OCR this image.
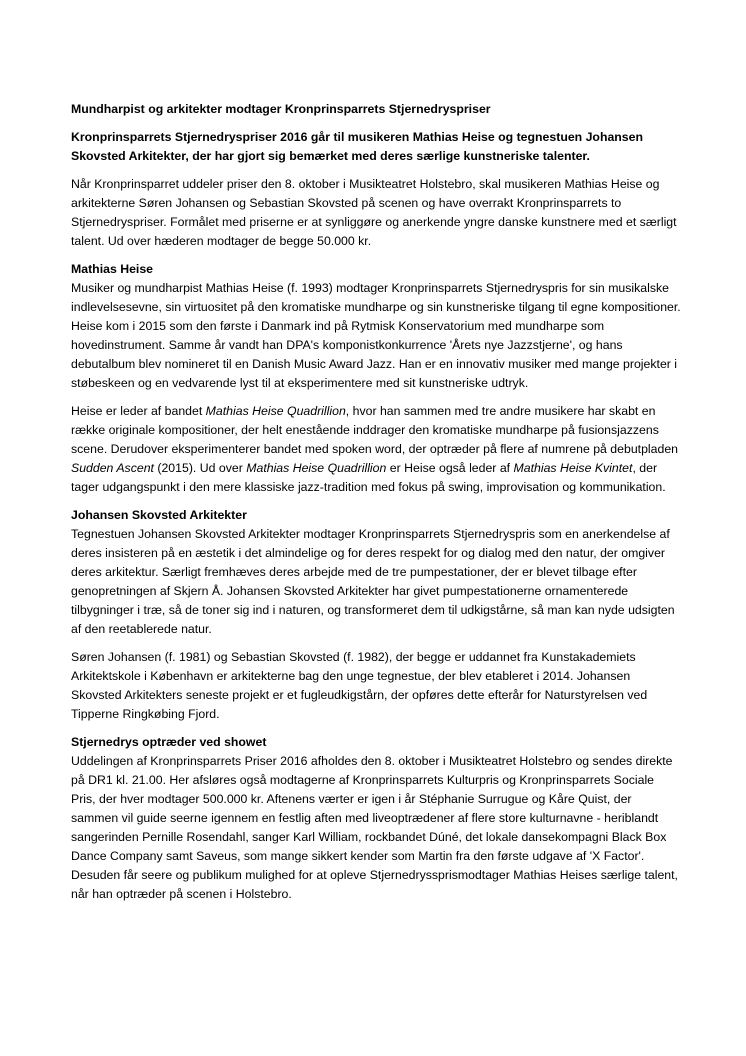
Mundharpist og arkitekter modtager Kronprinsparrets Stjernedryspriser

Kronprinsparrets Stjernedryspriser 2016 går til musikeren Mathias Heise og tegnestuen Johansen Skovsted Arkitekter, der har gjort sig bemærket med deres særlige kunstneriske talenter.

Når Kronprinsparret uddeler priser den 8. oktober i Musikteatret Holstebro, skal musikeren Mathias Heise og arkitekterne Søren Johansen og Sebastian Skovsted på scenen og have overrakt Kronprinsparrets to Stjernedryspriser. Formålet med priserne er at synliggøre og anerkende yngre danske kunstnere med et særligt talent. Ud over hæderen modtager de begge 50.000 kr.

Mathias Heise
Musiker og mundharpist Mathias Heise (f. 1993) modtager Kronprinsparrets Stjernedryspris for sin musikalske indlevelsesevne, sin virtuositet på den kromatiske mundharpe og sin kunstneriske tilgang til egne kompositioner. Heise kom i 2015 som den første i Danmark ind på Rytmisk Konservatorium med mundharpe som hovedinstrument. Samme år vandt han DPA's komponistkonkurrence 'Årets nye Jazzstjerne', og hans debutalbum blev nomineret til en Danish Music Award Jazz. Han er en innovativ musiker med mange projekter i støbeskeen og en vedvarende lyst til at eksperimentere med sit kunstneriske udtryk.

Heise er leder af bandet Mathias Heise Quadrillion, hvor han sammen med tre andre musikere har skabt en række originale kompositioner, der helt enestående inddrager den kromatiske mundharpe på fusionsjazzens scene. Derudover eksperimenterer bandet med spoken word, der optræder på flere af numrene på debutpladen Sudden Ascent (2015). Ud over Mathias Heise Quadrillion er Heise også leder af Mathias Heise Kvintet, der tager udgangspunkt i den mere klassiske jazz-tradition med fokus på swing, improvisation og kommunikation.

Johansen Skovsted Arkitekter
Tegnestuen Johansen Skovsted Arkitekter modtager Kronprinsparrets Stjernedryspris som en anerkendelse af deres insisteren på en æstetik i det almindelige og for deres respekt for og dialog med den natur, der omgiver deres arkitektur. Særligt fremhæves deres arbejde med de tre pumpestationer, der er blevet tilbage efter genopretningen af Skjern Å. Johansen Skovsted Arkitekter har givet pumpestationerne ornamenterede tilbygninger i træ, så de toner sig ind i naturen, og transformeret dem til udkigstårne, så man kan nyde udsigten af den reetablerede natur.

Søren Johansen (f. 1981) og Sebastian Skovsted (f. 1982), der begge er uddannet fra Kunstakademiets Arkitektskole i København er arkitekterne bag den unge tegnestue, der blev etableret i 2014. Johansen Skovsted Arkitekters seneste projekt er et fugleudkigstårn, der opføres dette efterår for Naturstyrelsen ved Tipperne Ringkøbing Fjord.

Stjernedrys optræder ved showet
Uddelingen af Kronprinsparrets Priser 2016 afholdes den 8. oktober i Musikteatret Holstebro og sendes direkte på DR1 kl. 21.00. Her afsløres også modtagerne af Kronprinsparrets Kulturpris og Kronprinsparrets Sociale Pris, der hver modtager 500.000 kr. Aftenens værter er igen i år Stéphanie Surrugue og Kåre Quist, der sammen vil guide seerne igennem en festlig aften med liveoptrædener af flere store kulturnavne - heriblandt sangerinden Pernille Rosendahl, sanger Karl William, rockbandet Dúné, det lokale dansekompagni Black Box Dance Company samt Saveus, som mange sikkert kender som Martin fra den første udgave af 'X Factor'. Desuden får seere og publikum mulighed for at opleve Stjernedryssprismodtager Mathias Heises særlige talent, når han optræder på scenen i Holstebro.
